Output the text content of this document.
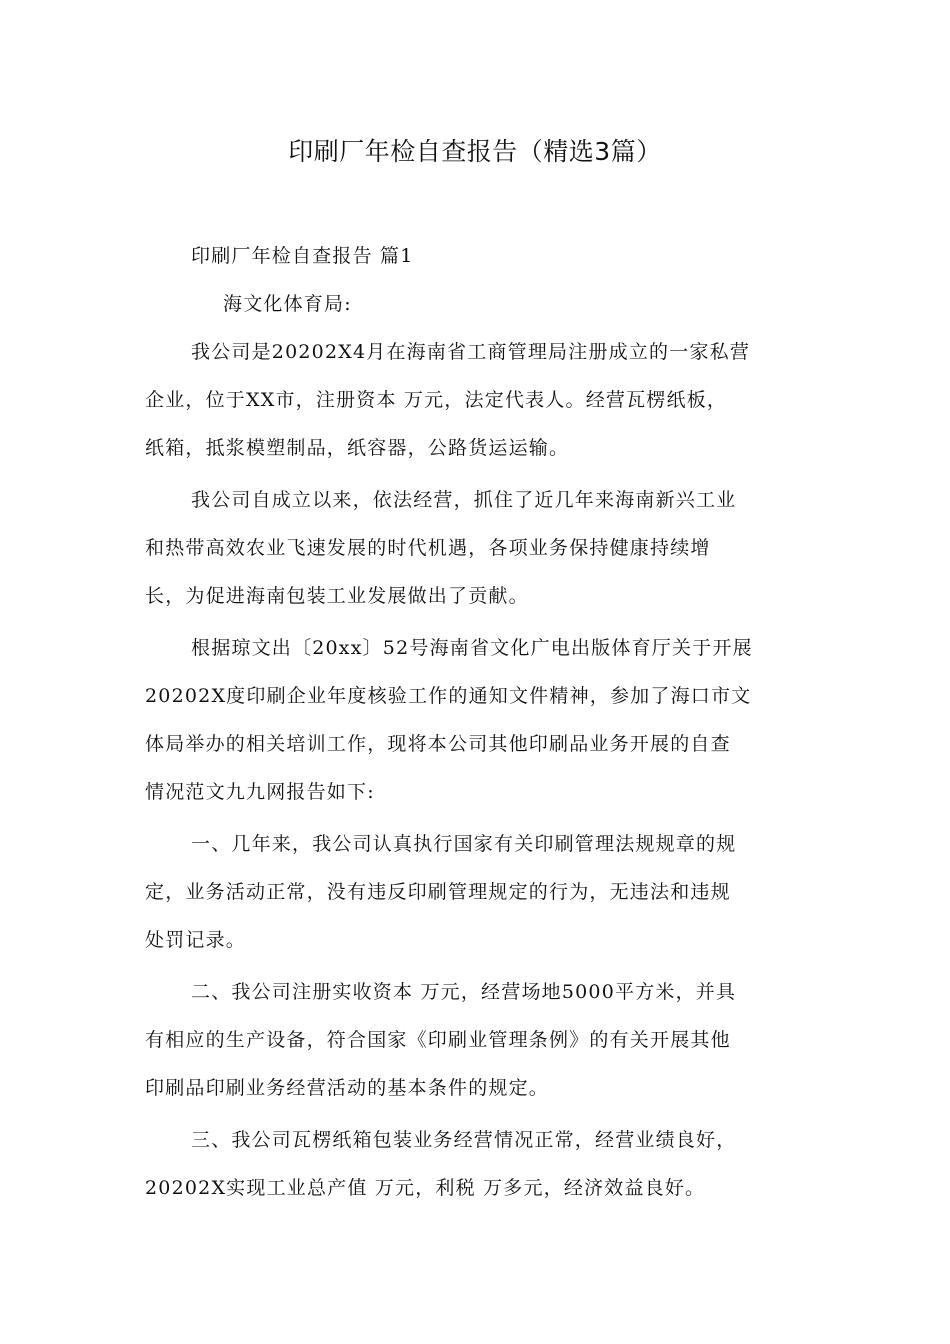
印刷厂年检自查报告（精选3篇）
印刷厂年检自查报告 篇1
海文化体育局:
我公司是20202X4月在海南省工商管理局注册成立的一家私营
企业，位于XX市，注册资本 万元，法定代表人。经营瓦楞纸板，
纸箱，抵浆模塑制品，纸容器，公路货运运输。
我公司自成立以来，依法经营，抓住了近几年来海南新兴工业
和热带高效农业飞速发展的时代机遇，各项业务保持健康持续增
长，为促进海南包装工业发展做出了贡献。
根据琼文出〔20xx〕52号海南省文化广电出版体育厅关于开展
20202X度印刷企业年度核验工作的通知文件精神，参加了海口市文
体局举办的相关培训工作，现将本公司其他印刷品业务开展的自查
情况范文九九网报告如下:
一、几年来，我公司认真执行国家有关印刷管理法规规章的规
定，业务活动正常，没有违反印刷管理规定的行为，无违法和违规
处罚记录。
二、我公司注册实收资本 万元，经营场地5000平方米，并具
有相应的生产设备，符合国家《印刷业管理条例》的有关开展其他
印刷品印刷业务经营活动的基本条件的规定。
三、我公司瓦楞纸箱包装业务经营情况正常，经营业绩良好，
20202X实现工业总产值 万元，利税 万多元，经济效益良好。
